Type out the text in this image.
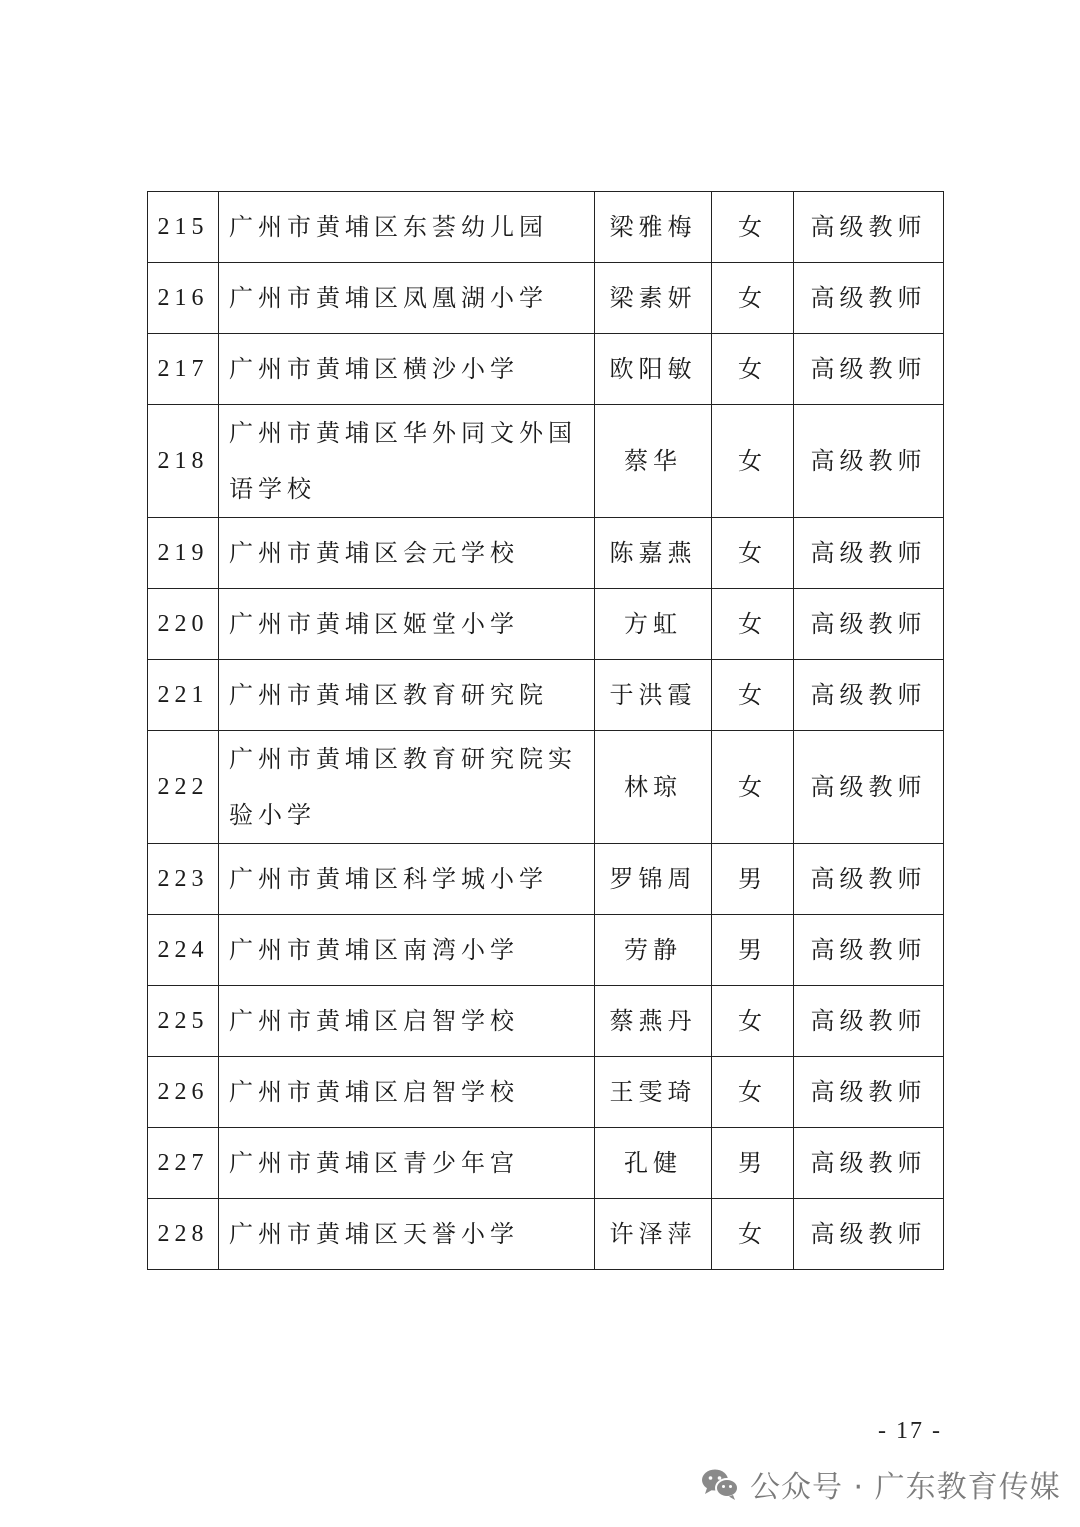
215	广州市黄埔区东荟幼儿园	梁雅梅	女	高级教师
216	广州市黄埔区凤凰湖小学	梁素妍	女	高级教师
217	广州市黄埔区横沙小学	欧阳敏	女	高级教师
218	广州市黄埔区华外同文外国语学校	蔡华	女	高级教师
219	广州市黄埔区会元学校	陈嘉燕	女	高级教师
220	广州市黄埔区姬堂小学	方虹	女	高级教师
221	广州市黄埔区教育研究院	于洪霞	女	高级教师
222	广州市黄埔区教育研究院实验小学	林琼	女	高级教师
223	广州市黄埔区科学城小学	罗锦周	男	高级教师
224	广州市黄埔区南湾小学	劳静	男	高级教师
225	广州市黄埔区启智学校	蔡燕丹	女	高级教师
226	广州市黄埔区启智学校	王雯琦	女	高级教师
227	广州市黄埔区青少年宫	孔健	男	高级教师
228	广州市黄埔区天誉小学	许泽萍	女	高级教师
- 17 -
公众号 · 广东教育传媒
